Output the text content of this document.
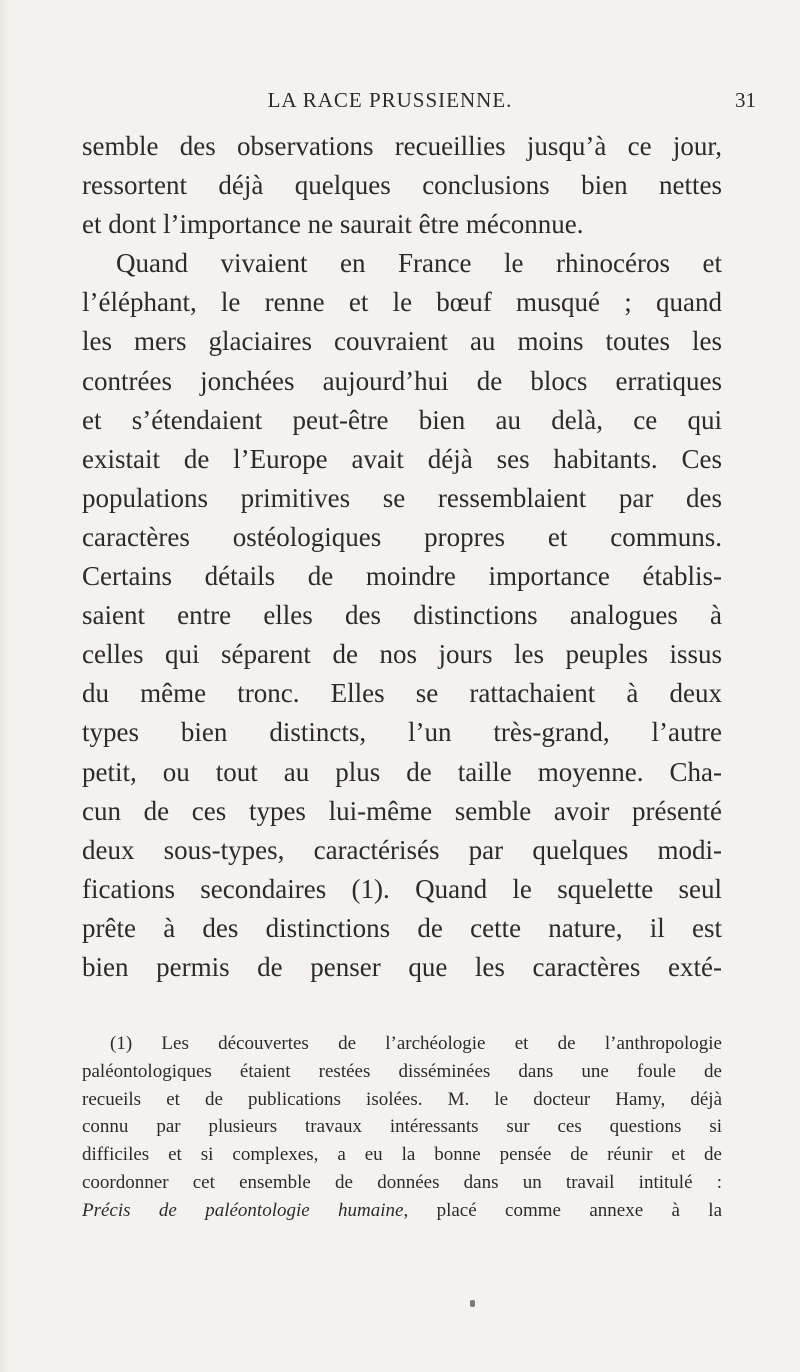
LA RACE PRUSSIENNE.	31
semble des observations recueillies jusqu’à ce jour,
ressortent déjà quelques conclusions bien nettes
et dont l’importance ne saurait être méconnue.
Quand vivaient en France le rhinocéros et
l’éléphant, le renne et le bœuf musqué ; quand
les mers glaciaires couvraient au moins toutes les
contrées jonchées aujourd’hui de blocs erratiques
et s’étendaient peut-être bien au delà, ce qui
existait de l’Europe avait déjà ses habitants. Ces
populations primitives se ressemblaient par des
caractères ostéologiques propres et communs.
Certains détails de moindre importance établis-
saient entre elles des distinctions analogues à
celles qui séparent de nos jours les peuples issus
du même tronc. Elles se rattachaient à deux
types bien distincts, l’un très-grand, l’autre
petit, ou tout au plus de taille moyenne. Cha-
cun de ces types lui-même semble avoir présenté
deux sous-types, caractérisés par quelques modi-
fications secondaires (1). Quand le squelette seul
prête à des distinctions de cette nature, il est
bien permis de penser que les caractères exté-
(1) Les découvertes de l’archéologie et de l’anthropologie
paléontologiques étaient restées disséminées dans une foule de
recueils et de publications isolées. M. le docteur Hamy, déjà
connu par plusieurs travaux intéressants sur ces questions si
difficiles et si complexes, a eu la bonne pensée de réunir et de
coordonner cet ensemble de données dans un travail intitulé :
Précis de paléontologie humaine, placé comme annexe à la
